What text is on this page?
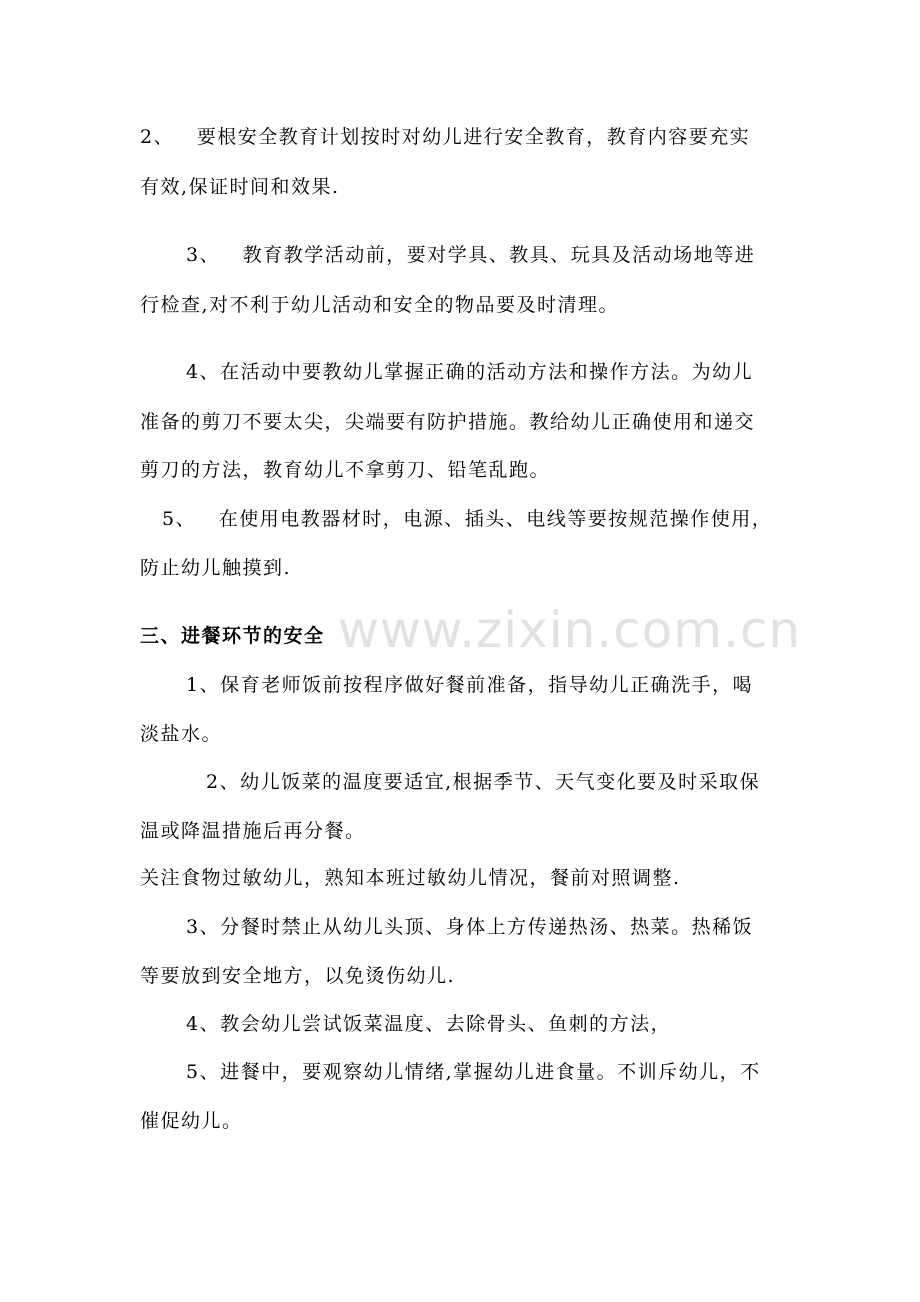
www.zixin.com.cn
2、   要根安全教育计划按时对幼儿进行安全教育，教育内容要充实
有效,保证时间和效果.
3、   教育教学活动前，要对学具、教具、玩具及活动场地等进
行检查,对不利于幼儿活动和安全的物品要及时清理。
4、在活动中要教幼儿掌握正确的活动方法和操作方法。为幼儿
准备的剪刀不要太尖，尖端要有防护措施。教给幼儿正确使用和递交
剪刀的方法，教育幼儿不拿剪刀、铅笔乱跑。
5、   在使用电教器材时，电源、插头、电线等要按规范操作使用，
防止幼儿触摸到.
三、进餐环节的安全
1、保育老师饭前按程序做好餐前准备，指导幼儿正确洗手，喝
淡盐水。
2、幼儿饭菜的温度要适宜,根据季节、天气变化要及时采取保
温或降温措施后再分餐。
关注食物过敏幼儿，熟知本班过敏幼儿情况，餐前对照调整.
3、分餐时禁止从幼儿头顶、身体上方传递热汤、热菜。热稀饭
等要放到安全地方，以免烫伤幼儿.
4、教会幼儿尝试饭菜温度、去除骨头、鱼刺的方法，
5、进餐中，要观察幼儿情绪,掌握幼儿进食量。不训斥幼儿，不
催促幼儿。
